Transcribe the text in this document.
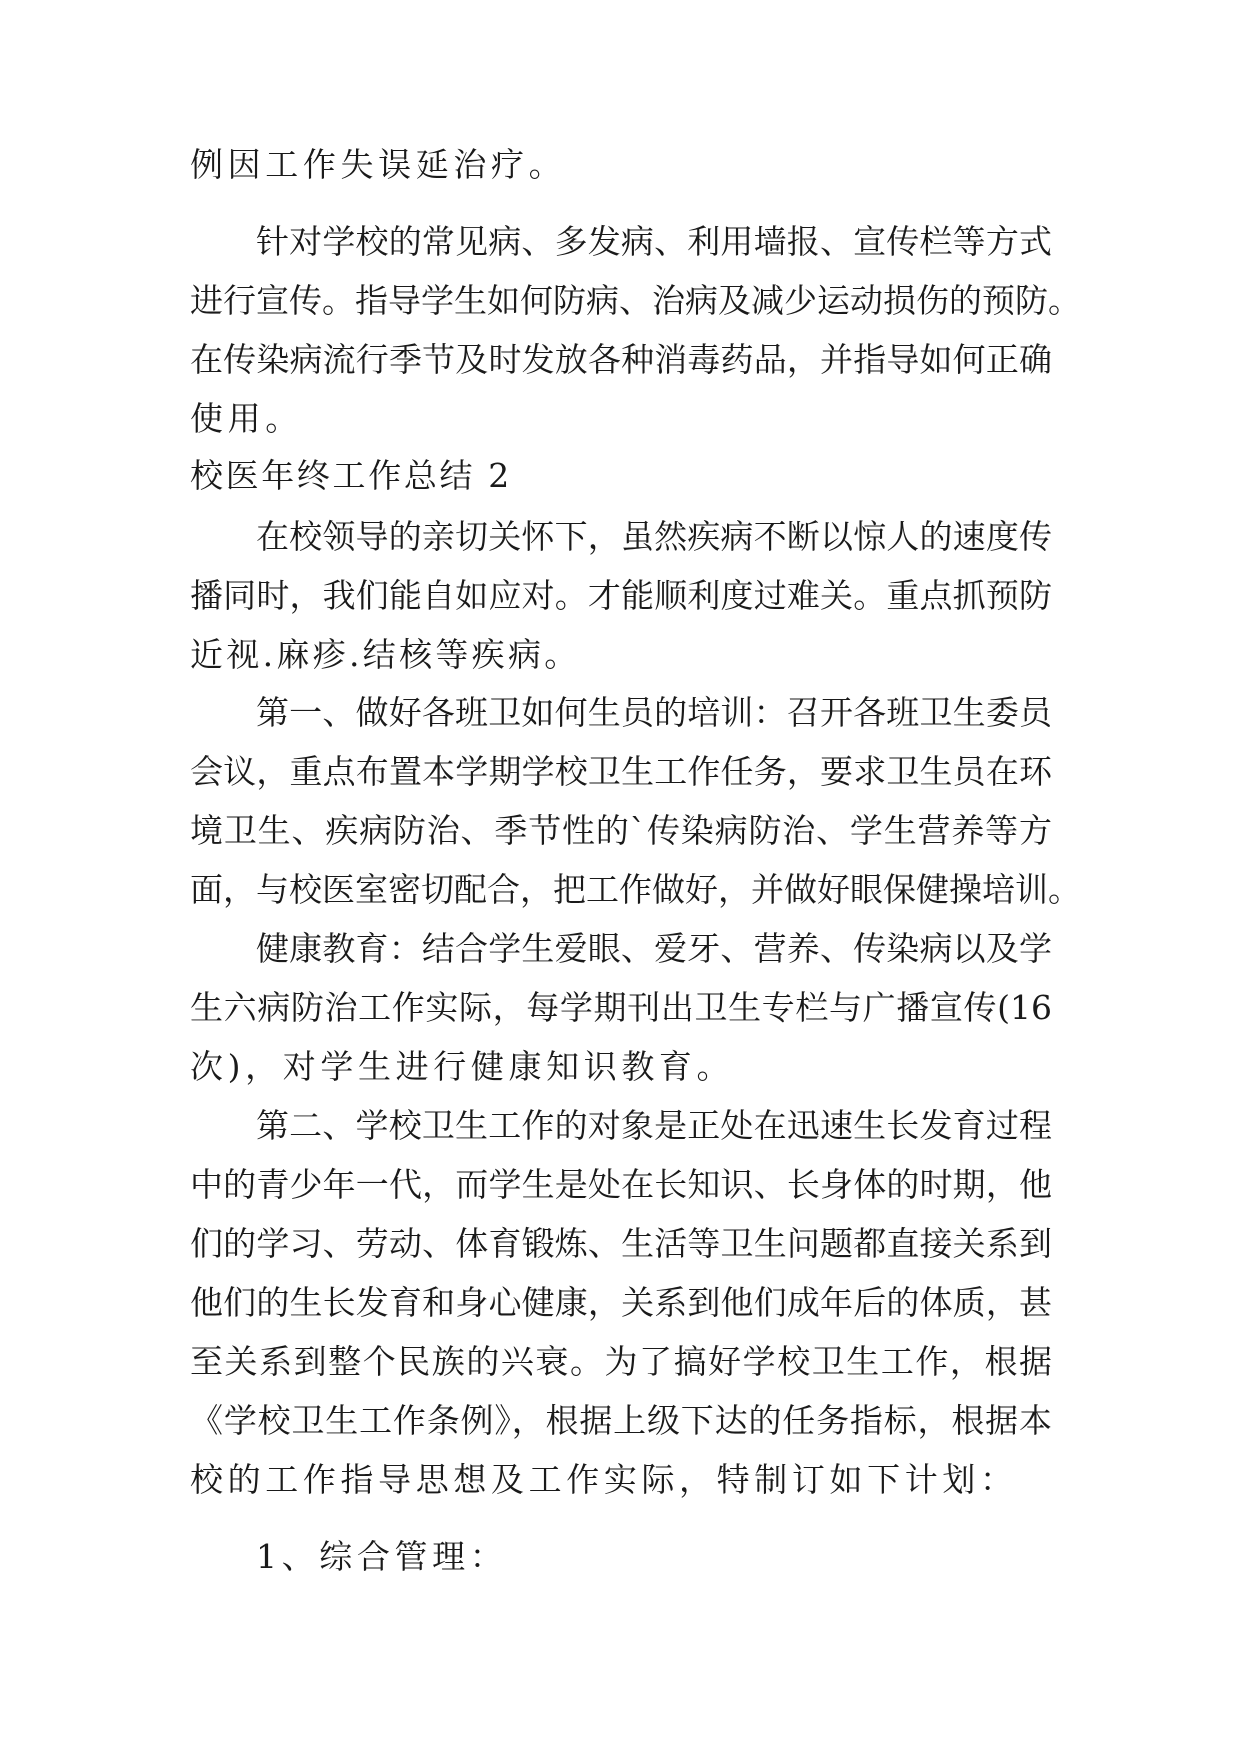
例因工作失误延治疗。
针对学校的常见病、多发病、利用墙报、宣传栏等方式
进行宣传。指导学生如何防病、治病及减少运动损伤的预防。
在传染病流行季节及时发放各种消毒药品，并指导如何正确
使用。
校医年终工作总结 2
在校领导的亲切关怀下，虽然疾病不断以惊人的速度传
播同时，我们能自如应对。才能顺利度过难关。重点抓预防
近视.麻疹.结核等疾病。
第一、做好各班卫如何生员的培训：召开各班卫生委员
会议，重点布置本学期学校卫生工作任务，要求卫生员在环
境卫生、疾病防治、季节性的`传染病防治、学生营养等方
面，与校医室密切配合，把工作做好，并做好眼保健操培训。
健康教育：结合学生爱眼、爱牙、营养、传染病以及学
生六病防治工作实际，每学期刊出卫生专栏与广播宣传(16
次)，对学生进行健康知识教育。
第二、学校卫生工作的对象是正处在迅速生长发育过程
中的青少年一代，而学生是处在长知识、长身体的时期，他
们的学习、劳动、体育锻炼、生活等卫生问题都直接关系到
他们的生长发育和身心健康，关系到他们成年后的体质，甚
至关系到整个民族的兴衰。为了搞好学校卫生工作，根据
《学校卫生工作条例》，根据上级下达的任务指标，根据本
校的工作指导思想及工作实际，特制订如下计划：
1、综合管理：
